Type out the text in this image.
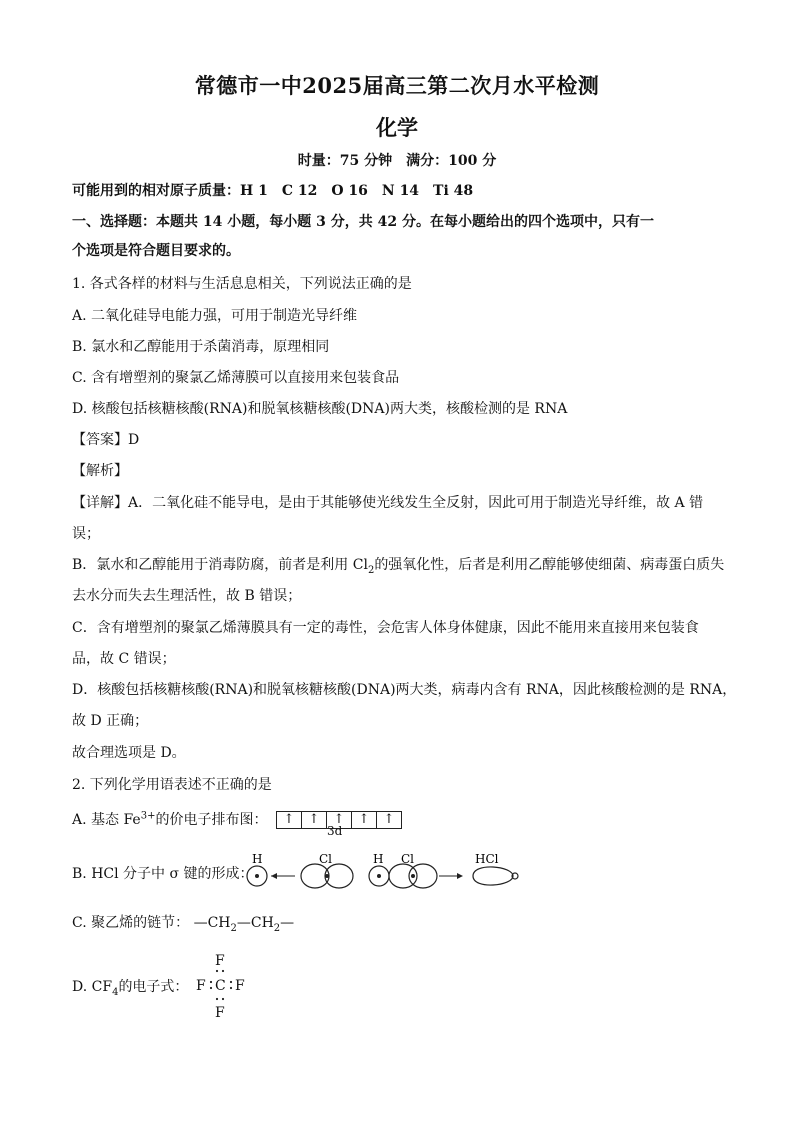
常德市一中2025届高三第二次月水平检测
化学
时量：75 分钟　满分：100 分
可能用到的相对原子质量：H 1　C 12　O 16　N 14　Ti 48
一、选择题：本题共 14 小题，每小题 3 分，共 42 分。在每小题给出的四个选项中，只有一
个选项是符合题目要求的。
1. 各式各样的材料与生活息息相关，下列说法正确的是
A. 二氧化硅导电能力强，可用于制造光导纤维
B. 氯水和乙醇能用于杀菌消毒，原理相同
C. 含有增塑剂的聚氯乙烯薄膜可以直接用来包装食品
D. 核酸包括核糖核酸(RNA)和脱氧核糖核酸(DNA)两大类，核酸检测的是 RNA
【答案】D
【解析】
【详解】A．二氧化硅不能导电，是由于其能够使光线发生全反射，因此可用于制造光导纤维，故 A 错
误；
B．氯水和乙醇能用于消毒防腐，前者是利用 $Cl_2$的强氧化性，后者是利用乙醇能够使细菌、病毒蛋白质失
去水分而失去生理活性，故 B 错误；
C．含有增塑剂的聚氯乙烯薄膜具有一定的毒性，会危害人体身体健康，因此不能用来直接用来包装食
品，故 C 错误；
D．核酸包括核糖核酸(RNA)和脱氧核糖核酸(DNA)两大类，病毒内含有 RNA，因此核酸检测的是 RNA，
故 D 正确；
故合理选项是 D。
2. 下列化学用语表述不正确的是
A. 基态 $Fe^{3+}$的价电子排布图：	↑	↑	↑	↑	↑
3d
B. HCl 分子中 σ 键的形成：
H	Cl	H Cl	HCl
C. 聚乙烯的链节： $—CH_2—CH_2—$
D. $CF_4$的电子式：
F
F C F
F
